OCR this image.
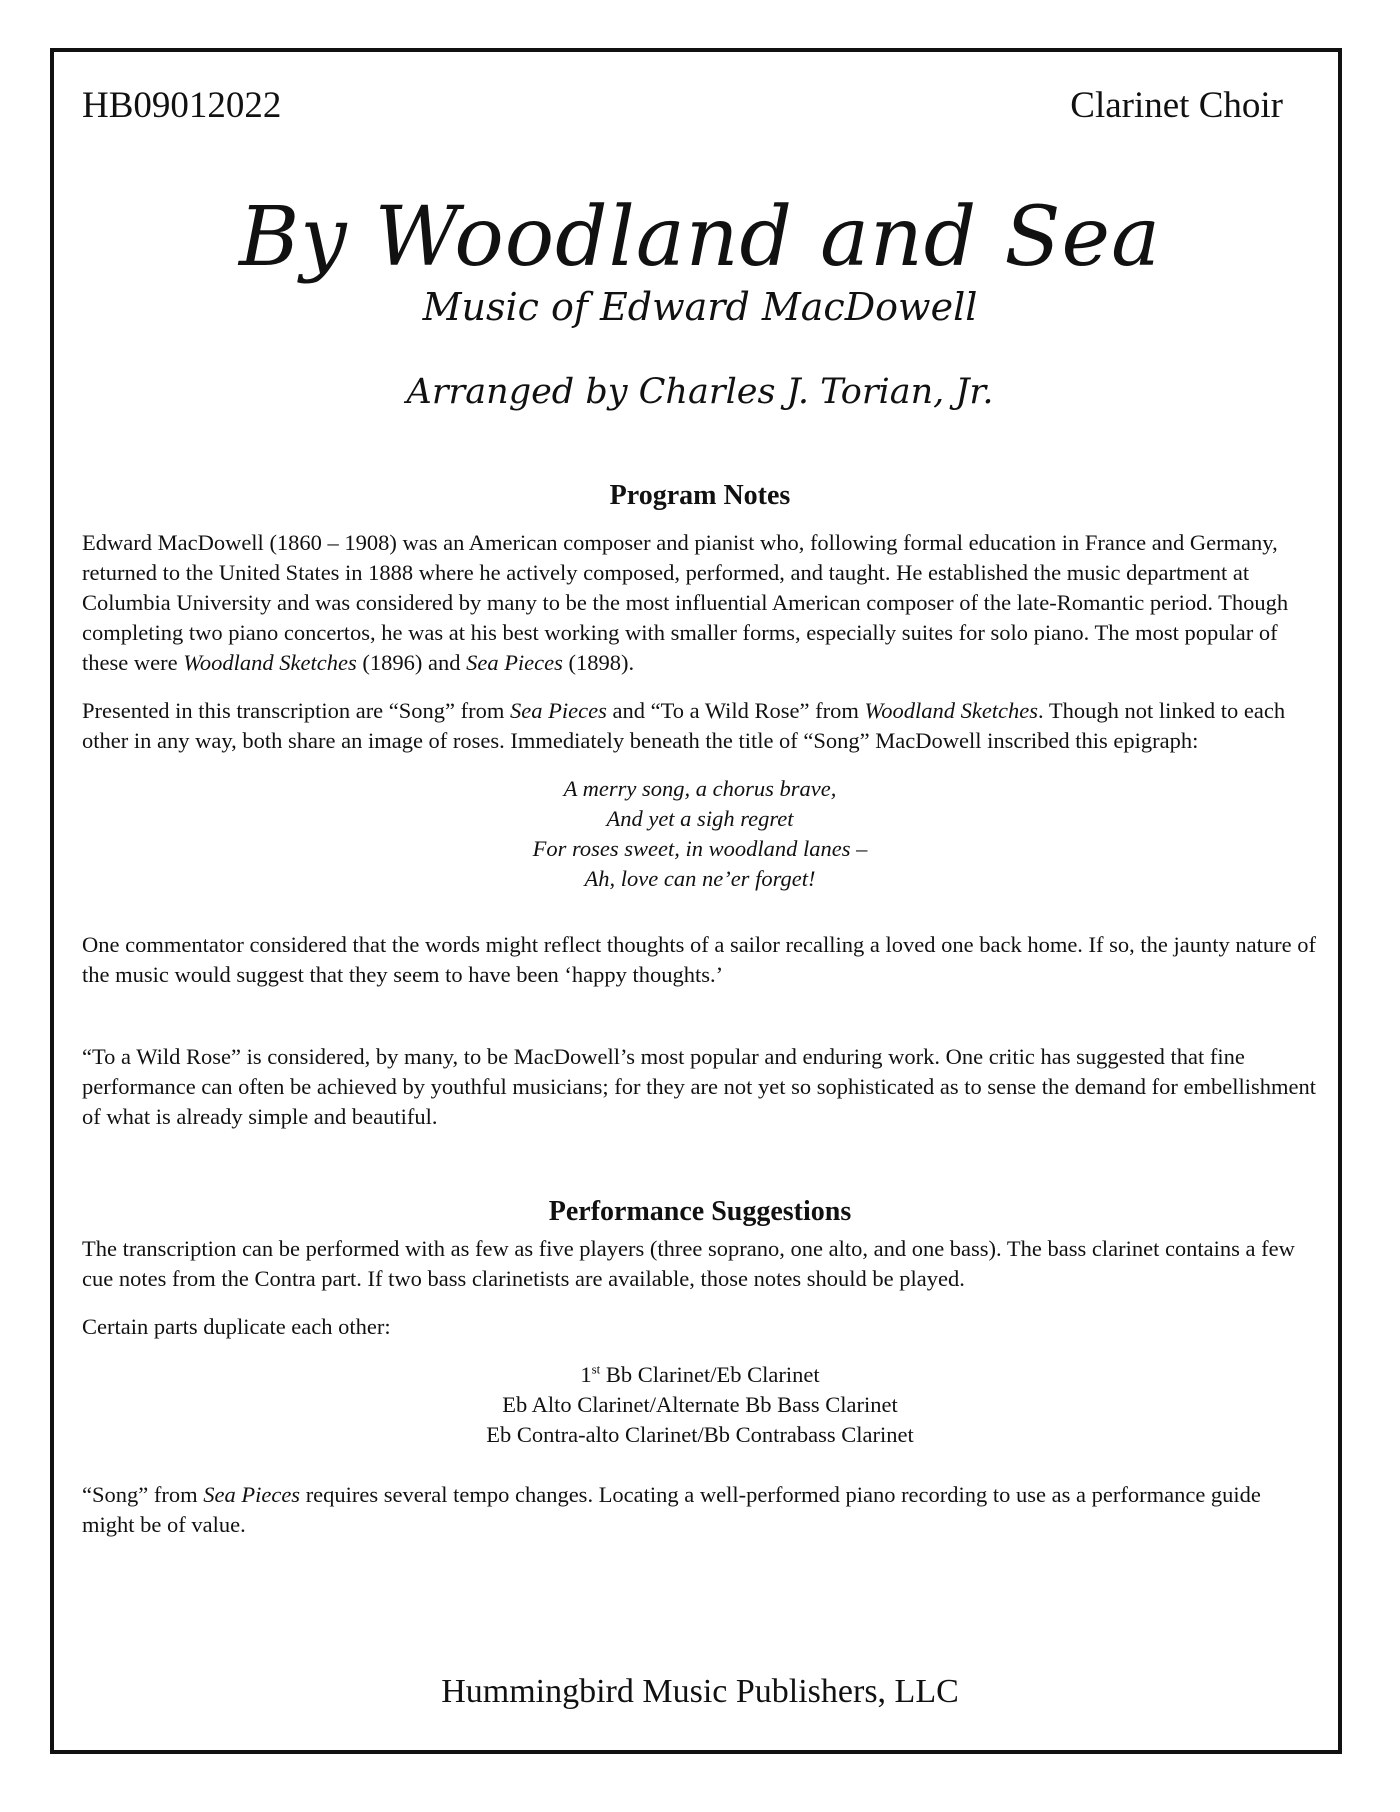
HB09012022	Clarinet Choir
By Woodland and Sea
Music of Edward MacDowell
Arranged by Charles J. Torian, Jr.
Program Notes

Edward MacDowell (1860 – 1908) was an American composer and pianist who, following formal education in France and Germany, returned to the United States in 1888 where he actively composed, performed, and taught. He established the music department at Columbia University and was considered by many to be the most influential American composer of the late-Romantic period. Though completing two piano concertos, he was at his best working with smaller forms, especially suites for solo piano. The most popular of these were Woodland Sketches (1896) and Sea Pieces (1898).

Presented in this transcription are “Song” from Sea Pieces and “To a Wild Rose” from Woodland Sketches. Though not linked to each other in any way, both share an image of roses. Immediately beneath the title of “Song” MacDowell inscribed this epigraph:

A merry song, a chorus brave,
And yet a sigh regret
For roses sweet, in woodland lanes –
Ah, love can ne’er forget!

One commentator considered that the words might reflect thoughts of a sailor recalling a loved one back home. If so, the jaunty nature of the music would suggest that they seem to have been ‘happy thoughts.’

“To a Wild Rose” is considered, by many, to be MacDowell’s most popular and enduring work. One critic has suggested that fine performance can often be achieved by youthful musicians; for they are not yet so sophisticated as to sense the demand for embellishment of what is already simple and beautiful.

Performance Suggestions

The transcription can be performed with as few as five players (three soprano, one alto, and one bass). The bass clarinet contains a few cue notes from the Contra part. If two bass clarinetists are available, those notes should be played.

Certain parts duplicate each other:

1st Bb Clarinet/Eb Clarinet
Eb Alto Clarinet/Alternate Bb Bass Clarinet
Eb Contra-alto Clarinet/Bb Contrabass Clarinet

“Song” from Sea Pieces requires several tempo changes. Locating a well-performed piano recording to use as a performance guide might be of value.

Hummingbird Music Publishers, LLC
